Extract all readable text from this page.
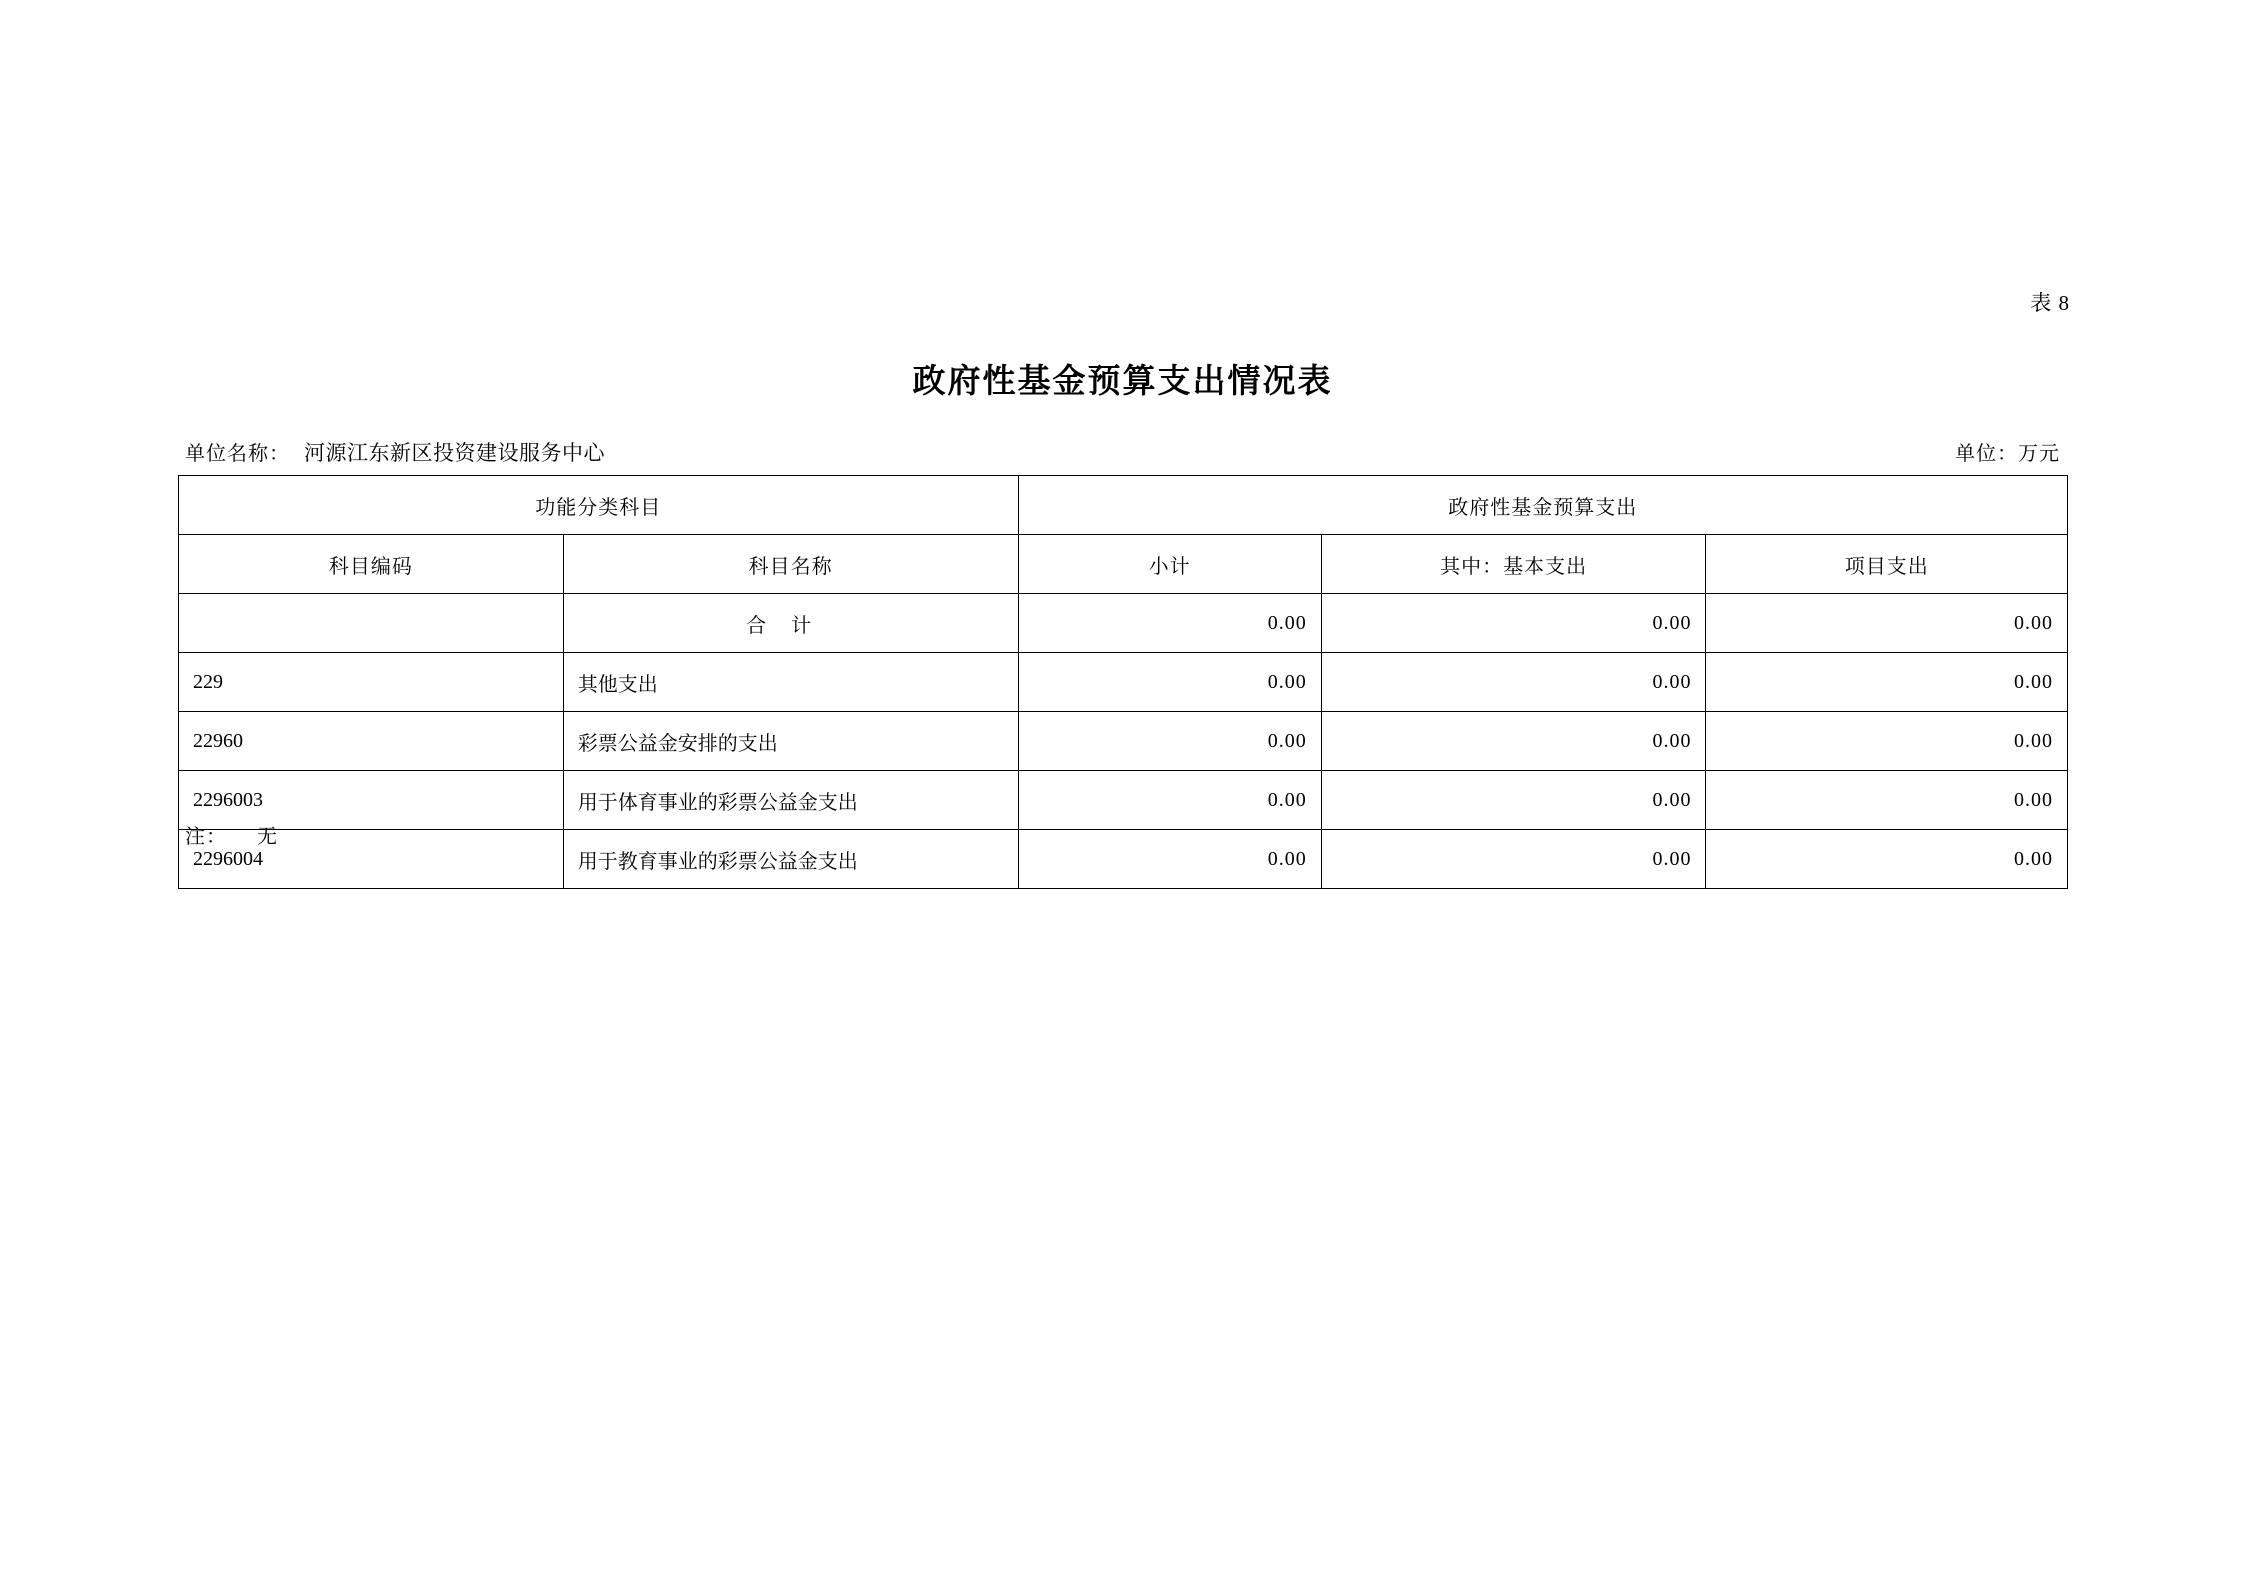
表 8
政府性基金预算支出情况表
单位名称： 河源江东新区投资建设服务中心	单位：万元
功能分类科目		政府性基金预算支出		
科目编码	科目名称	小计	其中：基本支出	项目支出
	合 计	0.00	0.00	0.00
229	其他支出	0.00	0.00	0.00
22960	彩票公益金安排的支出	0.00	0.00	0.00
2296003	用于体育事业的彩票公益金支出	0.00	0.00	0.00
2296004	用于教育事业的彩票公益金支出	0.00	0.00	0.00
注： 无
